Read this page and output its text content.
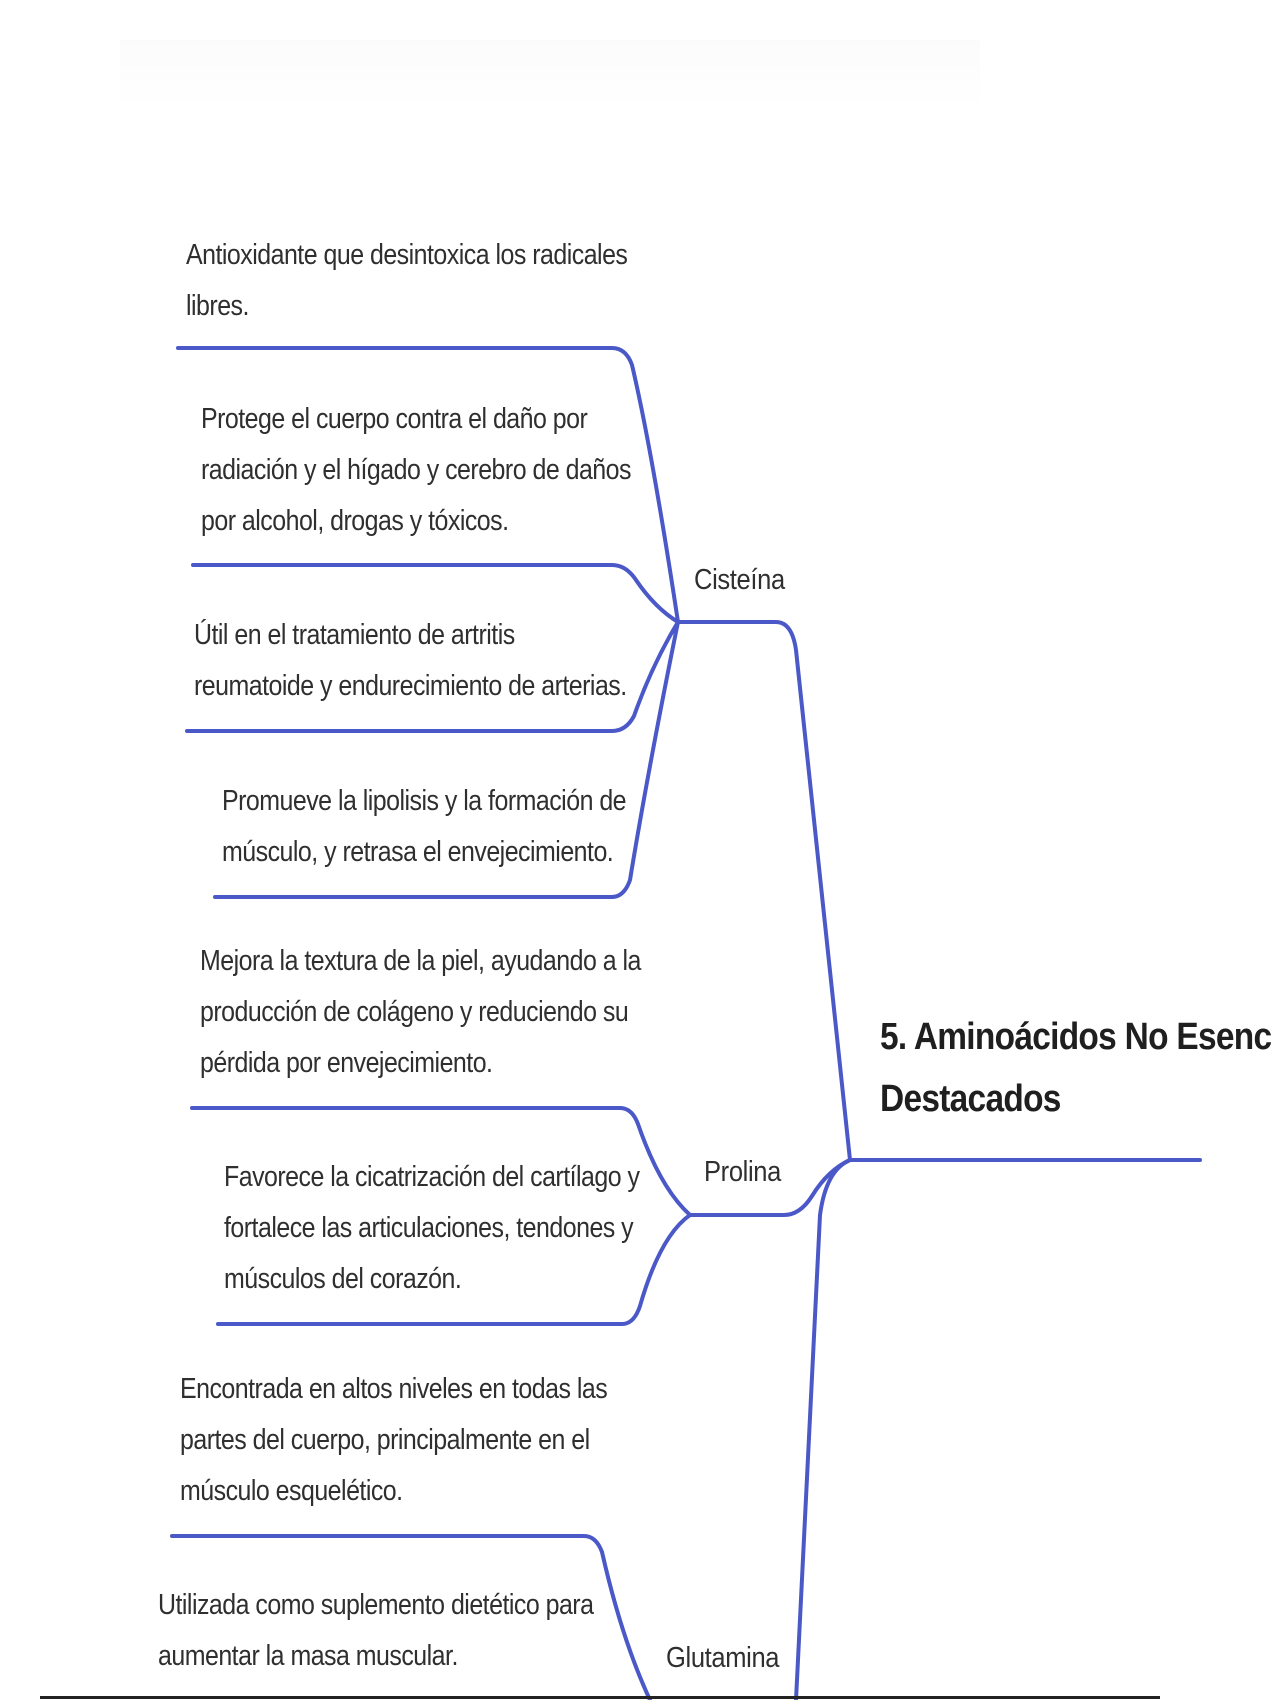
Antioxidante que desintoxica los radicales
libres.
Protege el cuerpo contra el daño por
radiación y el hígado y cerebro de daños
por alcohol, drogas y tóxicos.
Útil en el tratamiento de artritis
reumatoide y endurecimiento de arterias.
Promueve la lipolisis y la formación de
músculo, y retrasa el envejecimiento.
Mejora la textura de la piel, ayudando a la
producción de colágeno y reduciendo su
pérdida por envejecimiento.
Favorece la cicatrización del cartílago y
fortalece las articulaciones, tendones y
músculos del corazón.
Encontrada en altos niveles en todas las
partes del cuerpo, principalmente en el
músculo esquelético.
Utilizada como suplemento dietético para
aumentar la masa muscular.
Cisteína
Prolina
Glutamina
5. Aminoácidos No Esenc
Destacados
